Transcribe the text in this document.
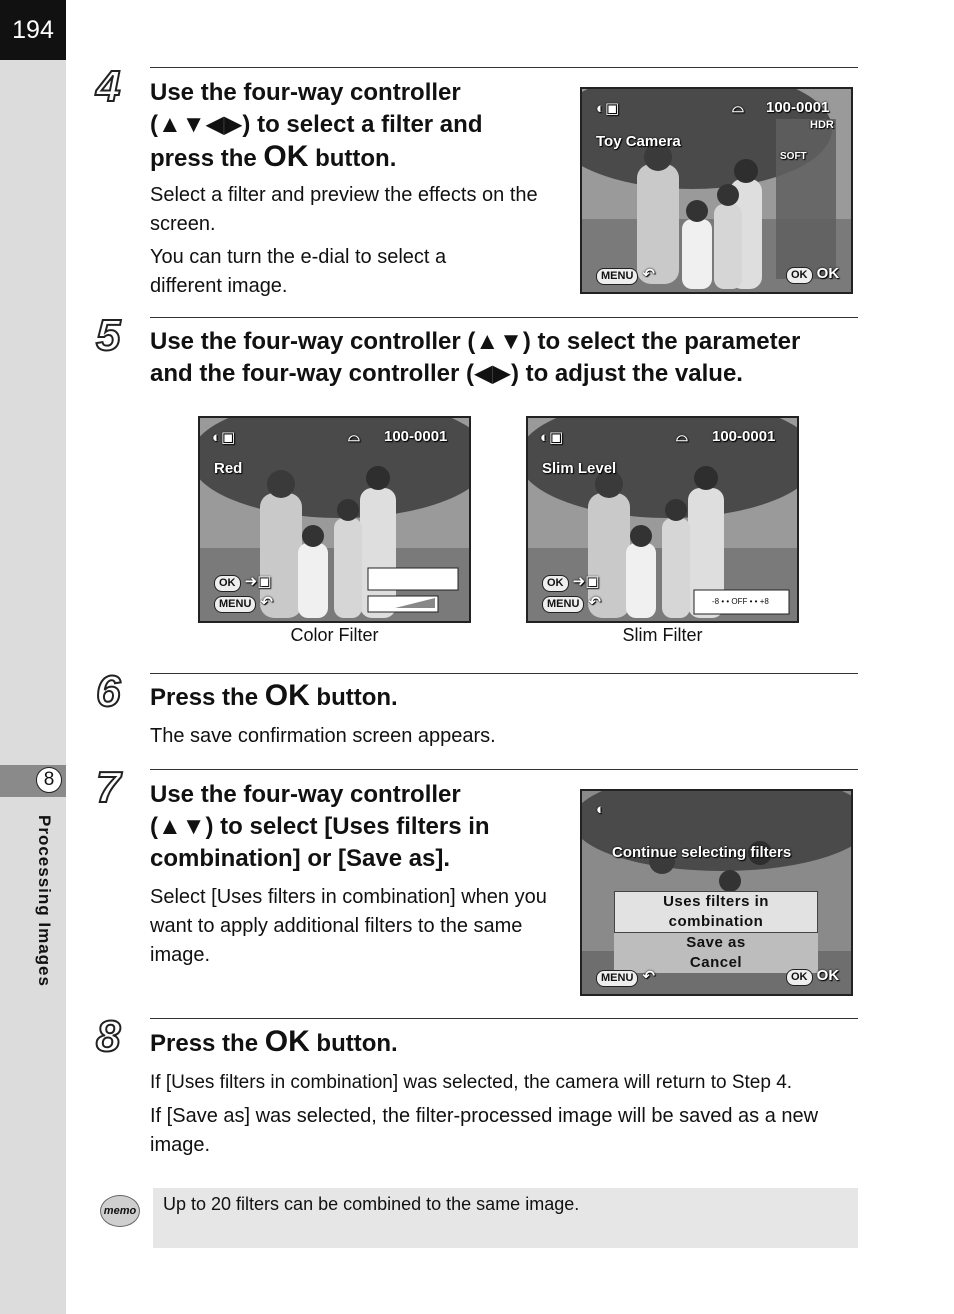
194
8
Processing Images
4 Use the four-way controller
(▲▼◀▶) to select a filter and
press the OK button.
Select a filter and preview the effects on the screen.
You can turn the e-dial to select a different image.
◐▣	⌓ 100-0001
Toy Camera
HDR
SOFT
MENU ↶	OK OK
5 Use the four-way controller (▲▼) to select the parameter
and the four-way controller (◀▶) to adjust the value.
◐▣	⌓ 100-0001
Red
OK ➜▣
MENU ↶
Color Filter
◐▣	⌓ 100-0001
Slim Level
OK ➜▣
MENU ↶	-8 • • OFF • • +8
Slim Filter
6 Press the OK button.
The save confirmation screen appears.
7 Use the four-way controller
(▲▼) to select [Uses filters in
combination] or [Save as].
Select [Uses filters in combination] when you want to apply additional filters to the same image.
◐
Continue selecting filters
Uses filters in combination
Save as
Cancel
MENU ↶	OK OK
8 Press the OK button.
If [Uses filters in combination] was selected, the camera will return to Step 4.
If [Save as] was selected, the filter-processed image will be saved as a new image.
memo Up to 20 filters can be combined to the same image.
